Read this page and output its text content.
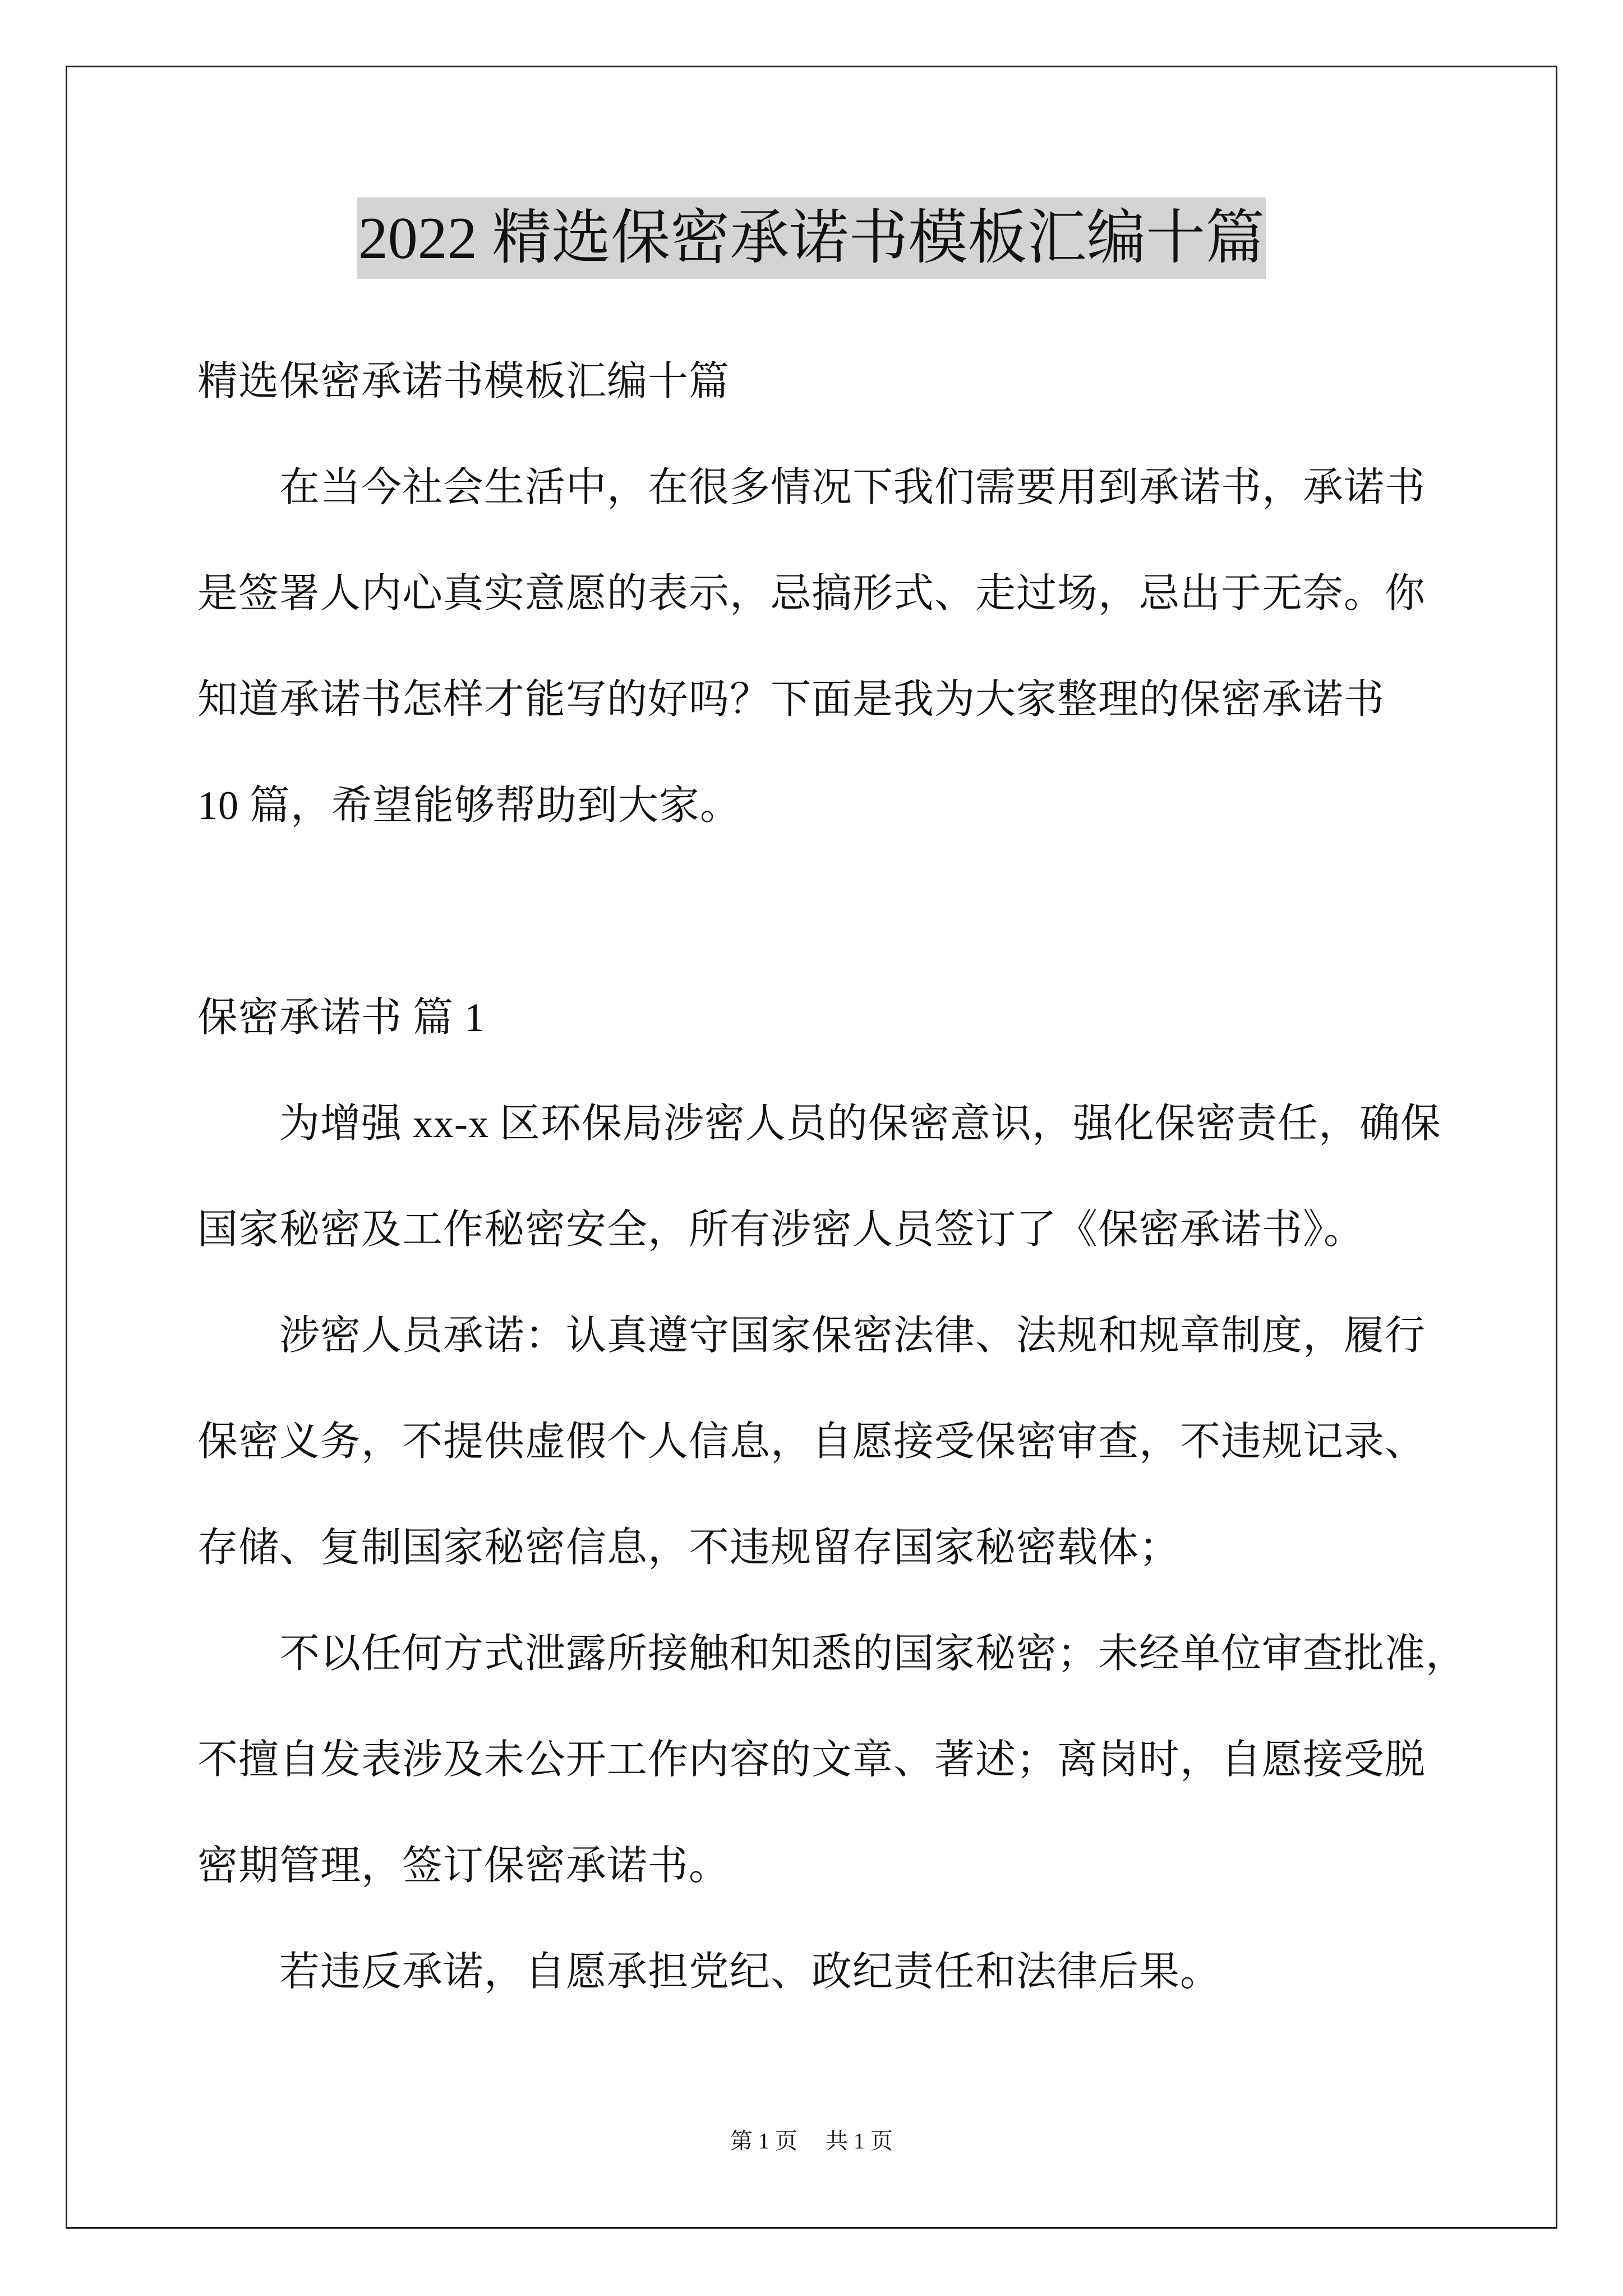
2022 精选保密承诺书模板汇编十篇
精选保密承诺书模板汇编十篇
在当今社会生活中，在很多情况下我们需要用到承诺书，承诺书
是签署人内心真实意愿的表示，忌搞形式、走过场，忌出于无奈。你
知道承诺书怎样才能写的好吗？下面是我为大家整理的保密承诺书
10 篇，希望能够帮助到大家。
保密承诺书 篇 1
为增强 xx-x 区环保局涉密人员的保密意识，强化保密责任，确保
国家秘密及工作秘密安全，所有涉密人员签订了《保密承诺书》。
涉密人员承诺：认真遵守国家保密法律、法规和规章制度，履行
保密义务，不提供虚假个人信息，自愿接受保密审查，不违规记录、
存储、复制国家秘密信息，不违规留存国家秘密载体；
不以任何方式泄露所接触和知悉的国家秘密；未经单位审查批准，
不擅自发表涉及未公开工作内容的文章、著述；离岗时，自愿接受脱
密期管理，签订保密承诺书。
若违反承诺，自愿承担党纪、政纪责任和法律后果。
第 1 页 共 1 页
